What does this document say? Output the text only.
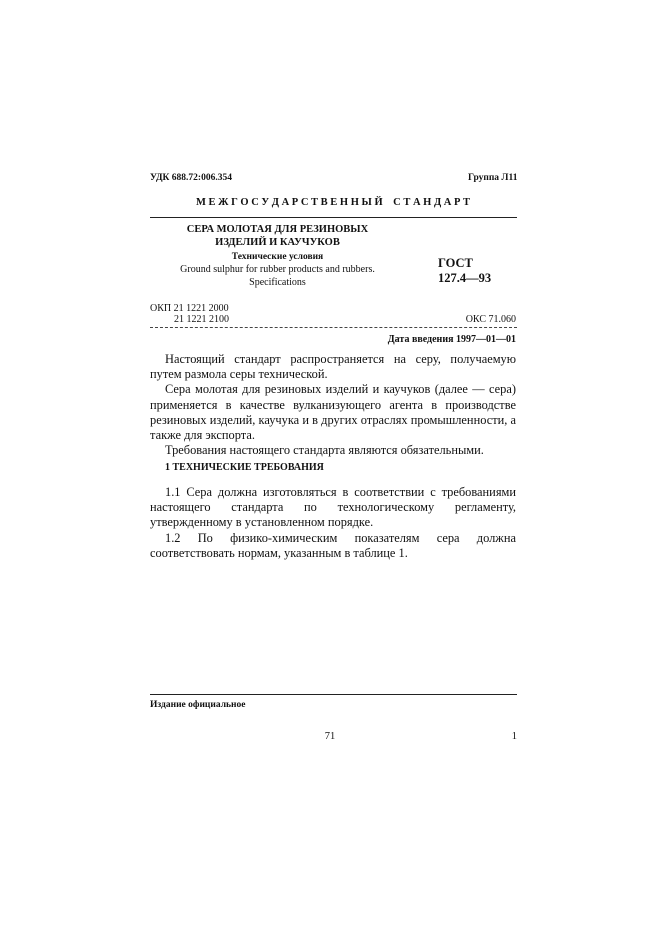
УДК 688.72:006.354	Группа Л11
М Е Ж Г О С У Д А Р С Т В Е Н Н Ы Й    С Т А Н Д А Р Т
СЕРА МОЛОТАЯ ДЛЯ РЕЗИНОВЫХ
ИЗДЕЛИЙ И КАУЧУКОВ
Технические условия
Ground sulphur for rubber products and rubbers.
Specifications
ГОСТ
127.4—93
ОКП 21 1221 2000
21 1221 2100	ОКС 71.060
Дата введения 1997—01—01

Настоящий стандарт распространяется на серу, получаемую путем размола серы технической.

Сера молотая для резиновых изделий и каучуков (далее — сера) применяется в качестве вулканизующего агента в производстве резиновых изделий, каучука и в других отраслях промышленности, а также для экспорта.

Требования настоящего стандарта являются обязательными.

1 ТЕХНИЧЕСКИЕ ТРЕБОВАНИЯ

1.1 Сера должна изготовляться в соответствии с требованиями настоящего стандарта по технологическому регламенту, утвержденному в установленном порядке.

1.2 По физико-химическим показателям сера должна соответствовать нормам, указанным в таблице 1.

Издание официальное
71	1
